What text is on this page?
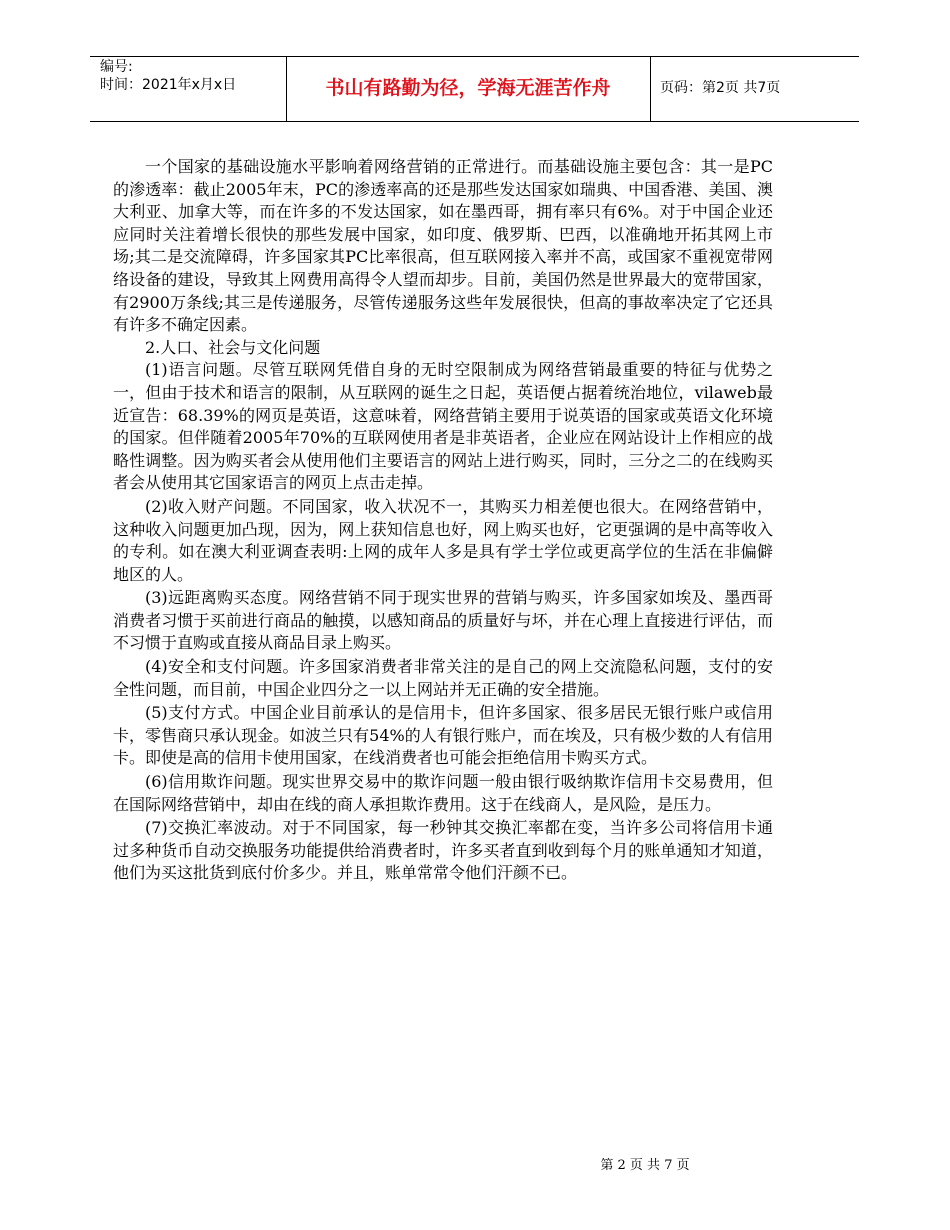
编号:
时间：2021年x月x日	书山有路勤为径，学海无涯苦作舟	页码：第2页 共7页

一个国家的基础设施水平影响着网络营销的正常进行。而基础设施主要包含：其一是PC的渗透率：截止2005年末，PC的渗透率高的还是那些发达国家如瑞典、中国香港、美国、澳大利亚、加拿大等，而在许多的不发达国家，如在墨西哥，拥有率只有6%。对于中国企业还应同时关注着增长很快的那些发展中国家，如印度、俄罗斯、巴西，以准确地开拓其网上市场;其二是交流障碍，许多国家其PC比率很高，但互联网接入率并不高，或国家不重视宽带网络设备的建设，导致其上网费用高得令人望而却步。目前，美国仍然是世界最大的宽带国家，有2900万条线;其三是传递服务，尽管传递服务这些年发展很快，但高的事故率决定了它还具有许多不确定因素。

2.人口、社会与文化问题

(1)语言问题。尽管互联网凭借自身的无时空限制成为网络营销最重要的特征与优势之一，但由于技术和语言的限制，从互联网的诞生之日起，英语便占据着统治地位，vilaweb最近宣告：68.39%的网页是英语，这意味着，网络营销主要用于说英语的国家或英语文化环境的国家。但伴随着2005年70%的互联网使用者是非英语者，企业应在网站设计上作相应的战略性调整。因为购买者会从使用他们主要语言的网站上进行购买，同时，三分之二的在线购买者会从使用其它国家语言的网页上点击走掉。

(2)收入财产问题。不同国家，收入状况不一，其购买力相差便也很大。在网络营销中，这种收入问题更加凸现，因为，网上获知信息也好，网上购买也好，它更强调的是中高等收入的专利。如在澳大利亚调查表明:上网的成年人多是具有学士学位或更高学位的生活在非偏僻地区的人。

(3)远距离购买态度。网络营销不同于现实世界的营销与购买，许多国家如埃及、墨西哥消费者习惯于买前进行商品的触摸，以感知商品的质量好与坏，并在心理上直接进行评估，而不习惯于直购或直接从商品目录上购买。

(4)安全和支付问题。许多国家消费者非常关注的是自己的网上交流隐私问题，支付的安全性问题，而目前，中国企业四分之一以上网站并无正确的安全措施。

(5)支付方式。中国企业目前承认的是信用卡，但许多国家、很多居民无银行账户或信用卡，零售商只承认现金。如波兰只有54%的人有银行账户，而在埃及，只有极少数的人有信用卡。即使是高的信用卡使用国家，在线消费者也可能会拒绝信用卡购买方式。

(6)信用欺诈问题。现实世界交易中的欺诈问题一般由银行吸纳欺诈信用卡交易费用，但在国际网络营销中，却由在线的商人承担欺诈费用。这于在线商人，是风险，是压力。

(7)交换汇率波动。对于不同国家，每一秒钟其交换汇率都在变，当许多公司将信用卡通过多种货币自动交换服务功能提供给消费者时，许多买者直到收到每个月的账单通知才知道，他们为买这批货到底付价多少。并且，账单常常令他们汗颜不已。

第 2 页 共 7 页
